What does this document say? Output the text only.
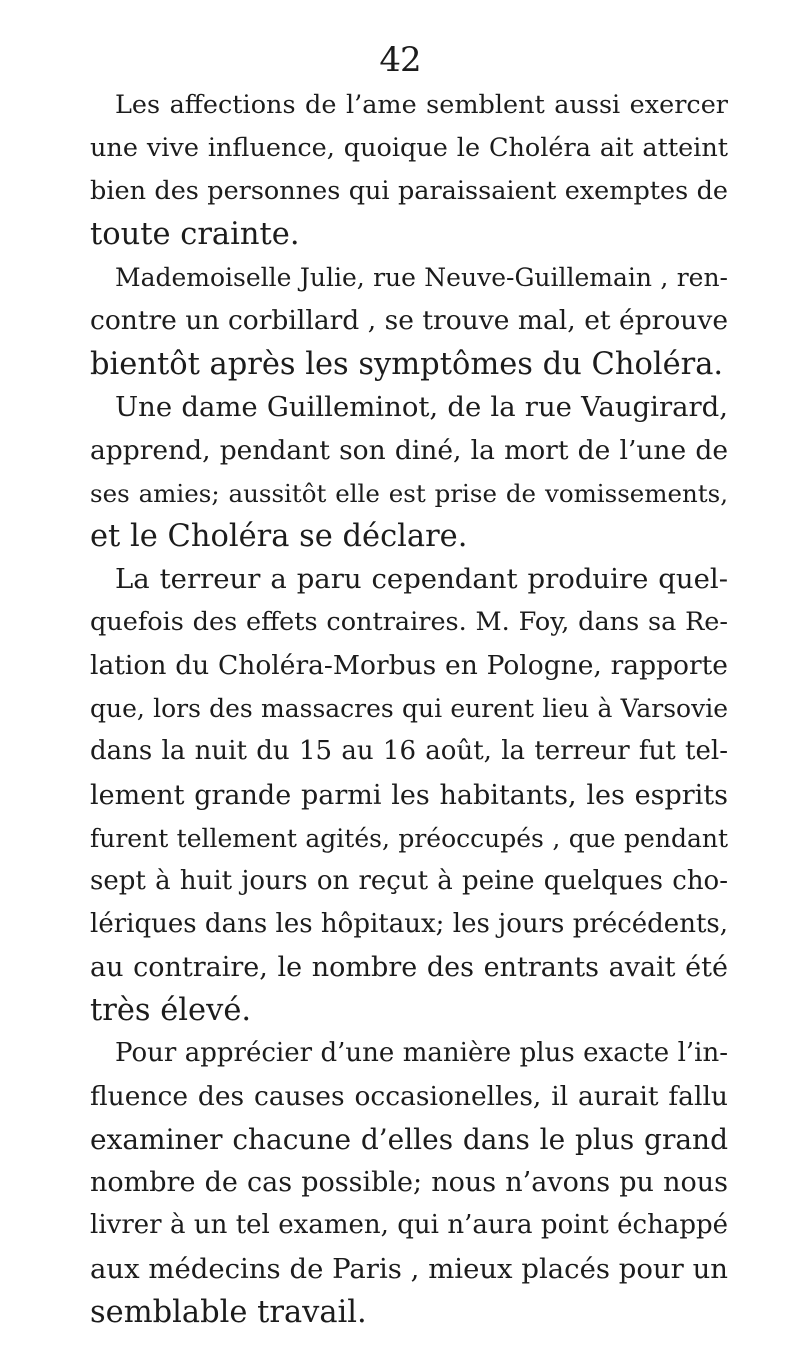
42
Les affections de l’ame semblent aussi exercer
une vive influence, quoique le Choléra ait atteint
bien des personnes qui paraissaient exemptes de
toute crainte.
Mademoiselle Julie, rue Neuve-Guillemain , ren-
contre un corbillard , se trouve mal, et éprouve
bientôt après les symptômes du Choléra.
Une dame Guilleminot, de la rue Vaugirard,
apprend, pendant son diné, la mort de l’une de
ses amies; aussitôt elle est prise de vomissements,
et le Choléra se déclare.
La terreur a paru cependant produire quel-
quefois des effets contraires. M. Foy, dans sa Re-
lation du Choléra-Morbus en Pologne, rapporte
que, lors des massacres qui eurent lieu à Varsovie
dans la nuit du 15 au 16 août, la terreur fut tel-
lement grande parmi les habitants, les esprits
furent tellement agités, préoccupés , que pendant
sept à huit jours on reçut à peine quelques cho-
lériques dans les hôpitaux; les jours précédents,
au contraire, le nombre des entrants avait été
très élevé.
Pour apprécier d’une manière plus exacte l’in-
fluence des causes occasionelles, il aurait fallu
examiner chacune d’elles dans le plus grand
nombre de cas possible; nous n’avons pu nous
livrer à un tel examen, qui n’aura point échappé
aux médecins de Paris , mieux placés pour un
semblable travail.
